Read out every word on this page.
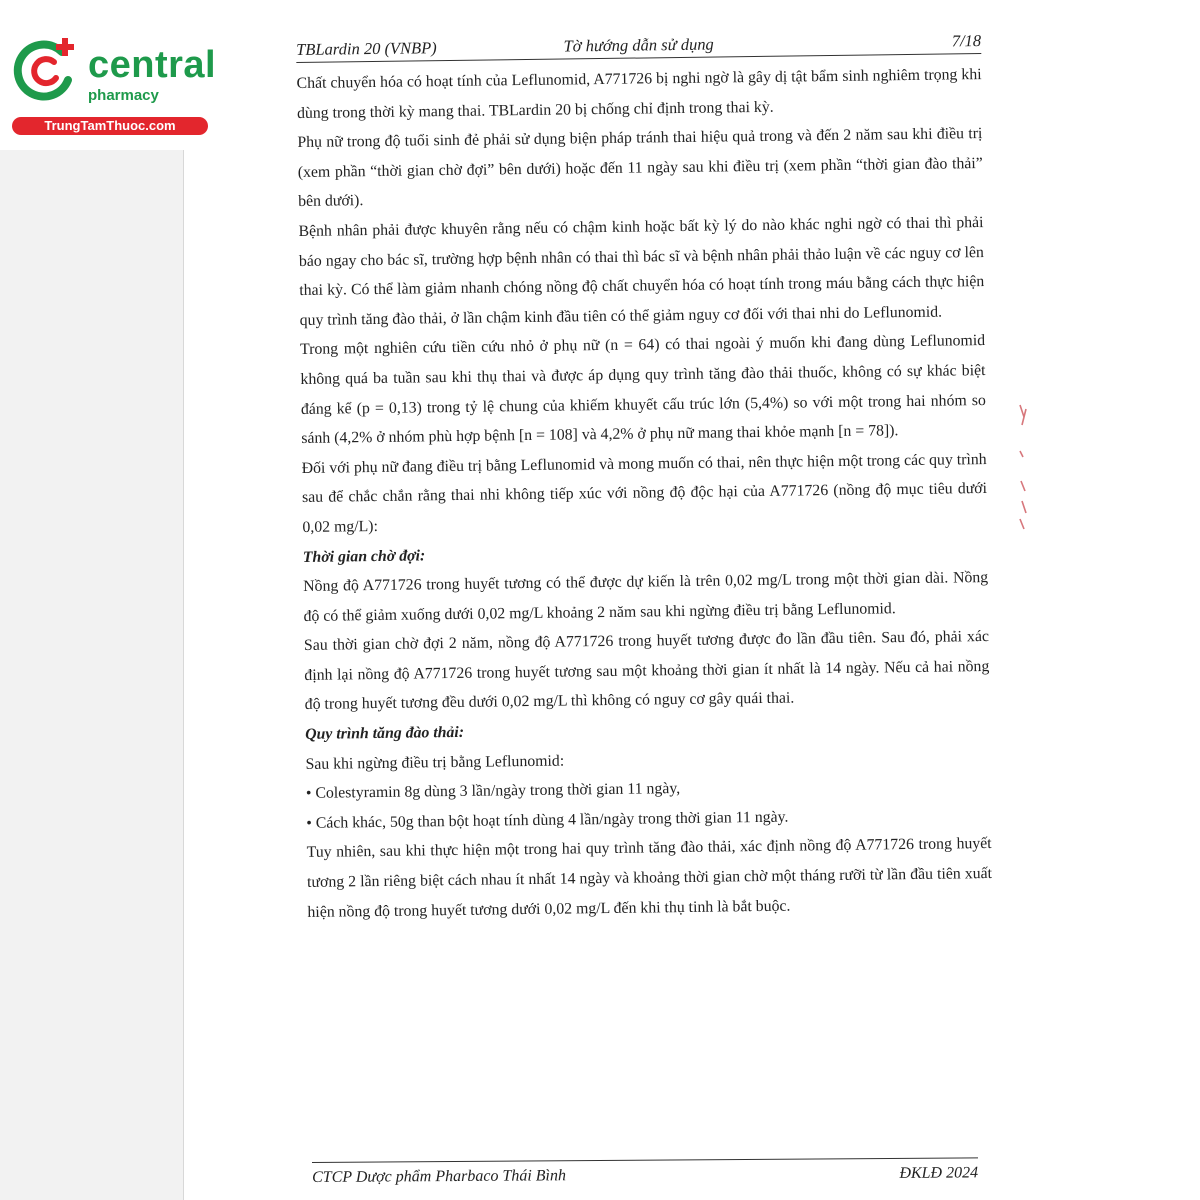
central
pharmacy
TrungTamThuoc.com
TBLardin 20 (VNBP)	Tờ hướng dẫn sử dụng	7/18

Chất chuyển hóa có hoạt tính của Leflunomid, A771726 bị nghi ngờ là gây dị tật bẩm sinh nghiêm trọng khi dùng trong thời kỳ mang thai. TBLardin 20 bị chống chỉ định trong thai kỳ.

Phụ nữ trong độ tuổi sinh đẻ phải sử dụng biện pháp tránh thai hiệu quả trong và đến 2 năm sau khi điều trị (xem phần “thời gian chờ đợi” bên dưới) hoặc đến 11 ngày sau khi điều trị (xem phần “thời gian đào thải” bên dưới).

Bệnh nhân phải được khuyên rằng nếu có chậm kinh hoặc bất kỳ lý do nào khác nghi ngờ có thai thì phải báo ngay cho bác sĩ, trường hợp bệnh nhân có thai thì bác sĩ và bệnh nhân phải thảo luận về các nguy cơ lên thai kỳ. Có thể làm giảm nhanh chóng nồng độ chất chuyển hóa có hoạt tính trong máu bằng cách thực hiện quy trình tăng đào thải, ở lần chậm kinh đầu tiên có thể giảm nguy cơ đối với thai nhi do Leflunomid.

Trong một nghiên cứu tiền cứu nhỏ ở phụ nữ (n = 64) có thai ngoài ý muốn khi đang dùng Leflunomid không quá ba tuần sau khi thụ thai và được áp dụng quy trình tăng đào thải thuốc, không có sự khác biệt đáng kể (p = 0,13) trong tỷ lệ chung của khiếm khuyết cấu trúc lớn (5,4%) so với một trong hai nhóm so sánh (4,2% ở nhóm phù hợp bệnh [n = 108] và 4,2% ở phụ nữ mang thai khỏe mạnh [n = 78]).

Đối với phụ nữ đang điều trị bằng Leflunomid và mong muốn có thai, nên thực hiện một trong các quy trình sau để chắc chắn rằng thai nhi không tiếp xúc với nồng độ độc hại của A771726 (nồng độ mục tiêu dưới 0,02 mg/L):

Thời gian chờ đợi:

Nồng độ A771726 trong huyết tương có thể được dự kiến là trên 0,02 mg/L trong một thời gian dài. Nồng độ có thể giảm xuống dưới 0,02 mg/L khoảng 2 năm sau khi ngừng điều trị bằng Leflunomid.

Sau thời gian chờ đợi 2 năm, nồng độ A771726 trong huyết tương được đo lần đầu tiên. Sau đó, phải xác định lại nồng độ A771726 trong huyết tương sau một khoảng thời gian ít nhất là 14 ngày. Nếu cả hai nồng độ trong huyết tương đều dưới 0,02 mg/L thì không có nguy cơ gây quái thai.

Quy trình tăng đào thải:

Sau khi ngừng điều trị bằng Leflunomid:

• Colestyramin 8g dùng 3 lần/ngày trong thời gian 11 ngày,

• Cách khác, 50g than bột hoạt tính dùng 4 lần/ngày trong thời gian 11 ngày.

Tuy nhiên, sau khi thực hiện một trong hai quy trình tăng đào thải, xác định nồng độ A771726 trong huyết tương 2 lần riêng biệt cách nhau ít nhất 14 ngày và khoảng thời gian chờ một tháng rưỡi từ lần đầu tiên xuất hiện nồng độ trong huyết tương dưới 0,02 mg/L đến khi thụ tinh là bắt buộc.

CTCP Dược phẩm Pharbaco Thái Bình	ĐKLĐ 2024
